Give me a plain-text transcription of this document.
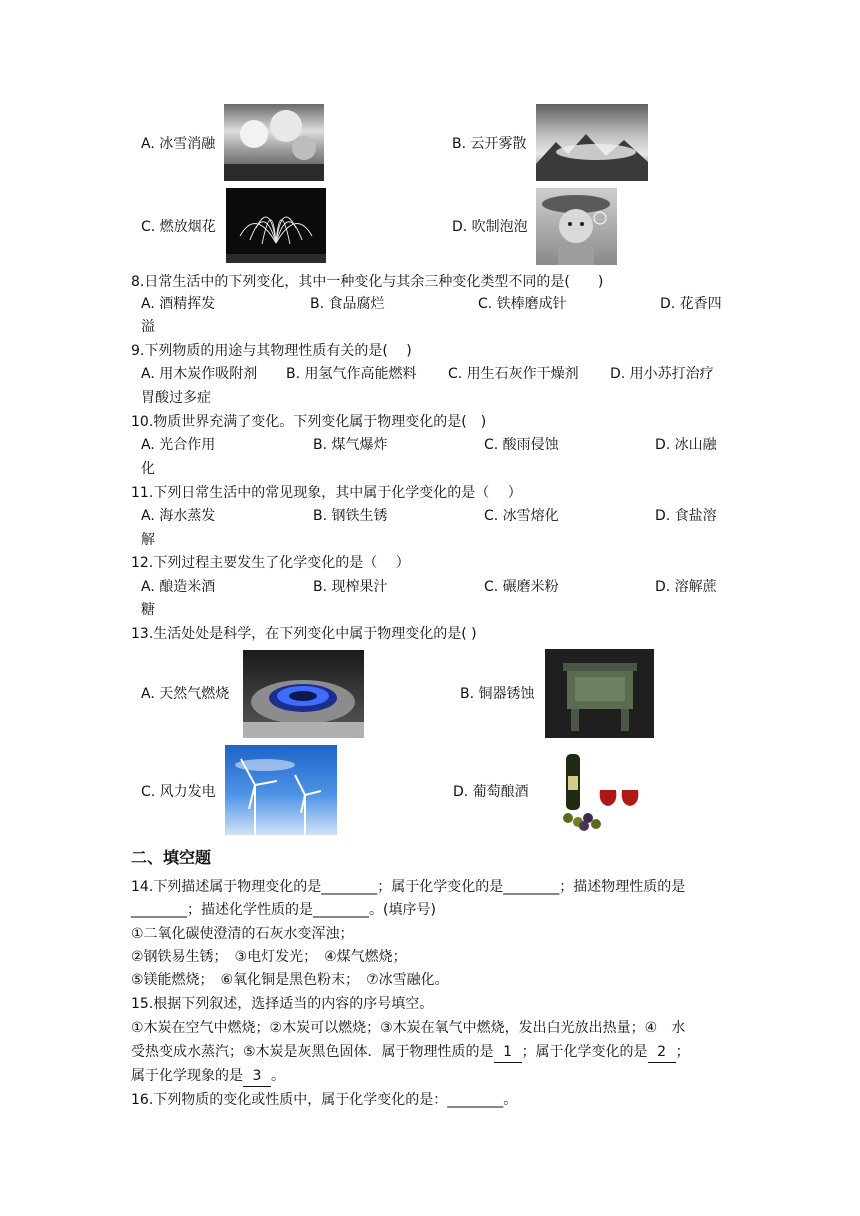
A. 冰雪消融	B. 云开雾散
C. 燃放烟花	D. 吹制泡泡
8.日常生活中的下列变化，其中一种变化与其余三种变化类型不同的是(　　)
A. 酒精挥发	B. 食品腐烂	C. 铁棒磨成针	D. 花香四
溢
9.下列物质的用途与其物理性质有关的是(　 )
A. 用木炭作吸附剂 B. 用氢气作高能燃料 C. 用生石灰作干燥剂 D. 用小苏打治疗
胃酸过多症
10.物质世界充满了变化。下列变化属于物理变化的是(　)
A. 光合作用	B. 煤气爆炸	C. 酸雨侵蚀	D. 冰山融
化
11.下列日常生活中的常见现象，其中属于化学变化的是（　 ）
A. 海水蒸发	B. 钢铁生锈	C. 冰雪熔化	D. 食盐溶
解
12.下列过程主要发生了化学变化的是（　 ）
A. 酿造米酒	B. 现榨果汁	C. 碾磨米粉	D. 溶解蔗
糖
13.生活处处是科学，在下列变化中属于物理变化的是( )
A. 天然气燃烧	B. 铜器锈蚀
C. 风力发电	D. 葡萄酿酒
二、填空题
14.下列描述属于物理变化的是________；属于化学变化的是________；描述物理性质的是
________；描述化学性质的是________。(填序号)
①二氧化碳使澄清的石灰水变浑浊；
②钢铁易生锈；　③电灯发光；　④煤气燃烧；
⑤镁能燃烧；　⑥氧化铜是黑色粉末；　⑦冰雪融化。
15.根据下列叙述，选择适当的内容的序号填空。
①木炭在空气中燃烧；②木炭可以燃烧；③木炭在氧气中燃烧，发出白光放出热量；④　水
受热变成水蒸汽；⑤木炭是灰黑色固体．属于物理性质的是 1 ；属于化学变化的是 2 ；
属于化学现象的是 3 。
16.下列物质的变化或性质中，属于化学变化的是：________。
